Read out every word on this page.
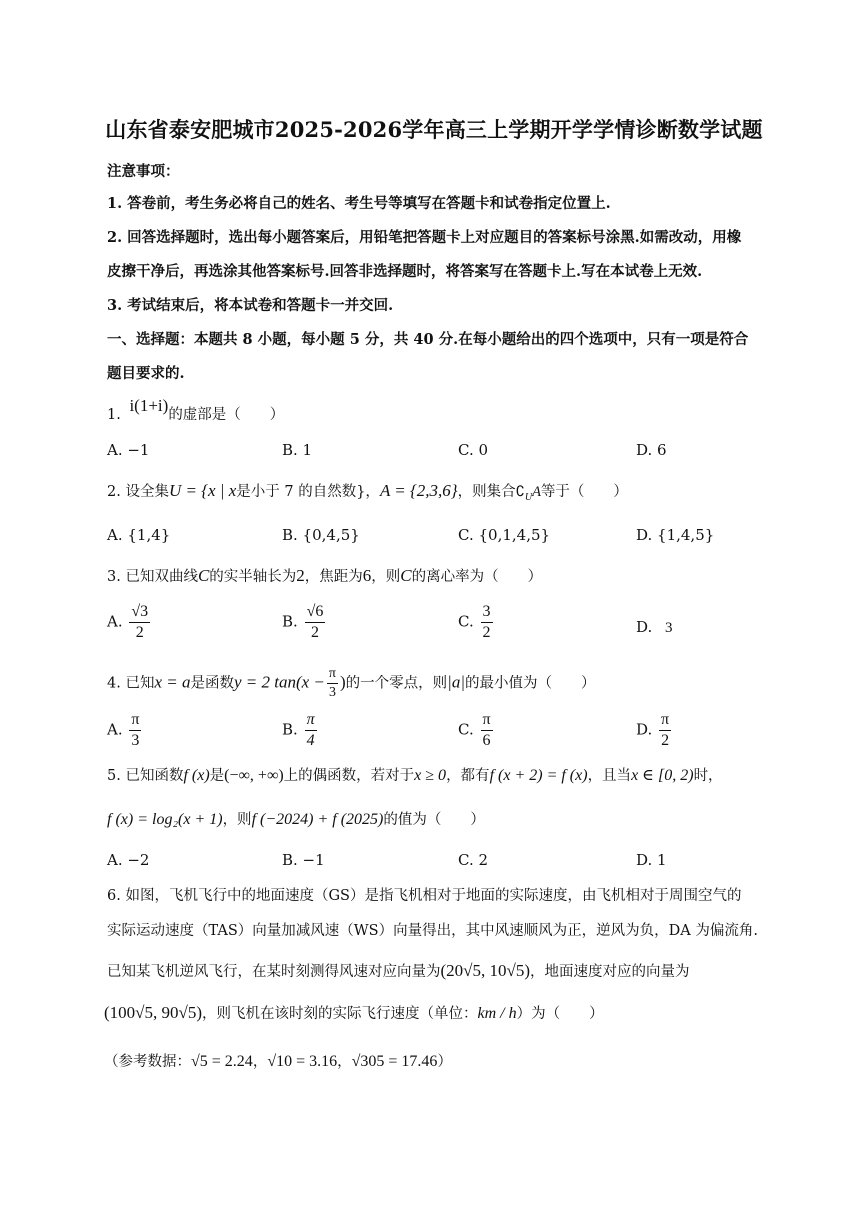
山东省泰安肥城市2025-2026学年高三上学期开学学情诊断数学试题
注意事项：
1. 答卷前，考生务必将自己的姓名、考生号等填写在答题卡和试卷指定位置上.
2. 回答选择题时，选出每小题答案后，用铅笔把答题卡上对应题目的答案标号涂黑.如需改动，用橡
皮擦干净后，再选涂其他答案标号.回答非选择题时，将答案写在答题卡上.写在本试卷上无效.
3. 考试结束后，将本试卷和答题卡一并交回.
一、选择题：本题共 8 小题，每小题 5 分，共 40 分.在每小题给出的四个选项中，只有一项是符合
题目要求的.
1. i(1+i)的虚部是（　　）
A. −1	B. 1	C. 0	D. 6
2. 设全集U = {x | x是小于 7 的自然数}，A = {2,3,6}，则集合$∁_UA$等于（　　）
A. {1,4}	B. {0,4,5}	C. {0,1,4,5}	D. {1,4,5}
3. 已知双曲线C的实半轴长为2，焦距为6，则C的离心率为（　　）
A. $\frac{√3}{2}$	B. $\frac{√6}{2}$	C. $\frac{3}{2}$	D. 3
4. 已知x = a是函数y = 2 $\tan(x - \frac{\pi}{3}$ )的一个零点，则|a|的最小值为（　　）
A. $\frac{\pi}{3}$	B. $\frac{\pi}{4}$	C. $\frac{\pi}{6}$	D. $\frac{\pi}{2}$
5. 已知函数f (x)是(−∞, +∞)上的偶函数，若对于x ≥ 0，都有f (x + 2) = f (x)，且当x ∈ [0, 2)时，
f (x) = log₂(x + 1)，则f (−2024) + f (2025)的值为（　　）
A. −2	B. −1	C. 2	D. 1
6. 如图，飞机飞行中的地面速度（GS）是指飞机相对于地面的实际速度，由飞机相对于周围空气的
实际运动速度（TAS）向量加减风速（WS）向量得出，其中风速顺风为正，逆风为负，DA 为偏流角.
已知某飞机逆风飞行，在某时刻测得风速对应向量为(20√5, 10√5)，地面速度对应的向量为
(100√5, 90√5)，则飞机在该时刻的实际飞行速度（单位：km / h）为（　　）
（参考数据：√5 = 2.24，√10 = 3.16，√305 = 17.46）
